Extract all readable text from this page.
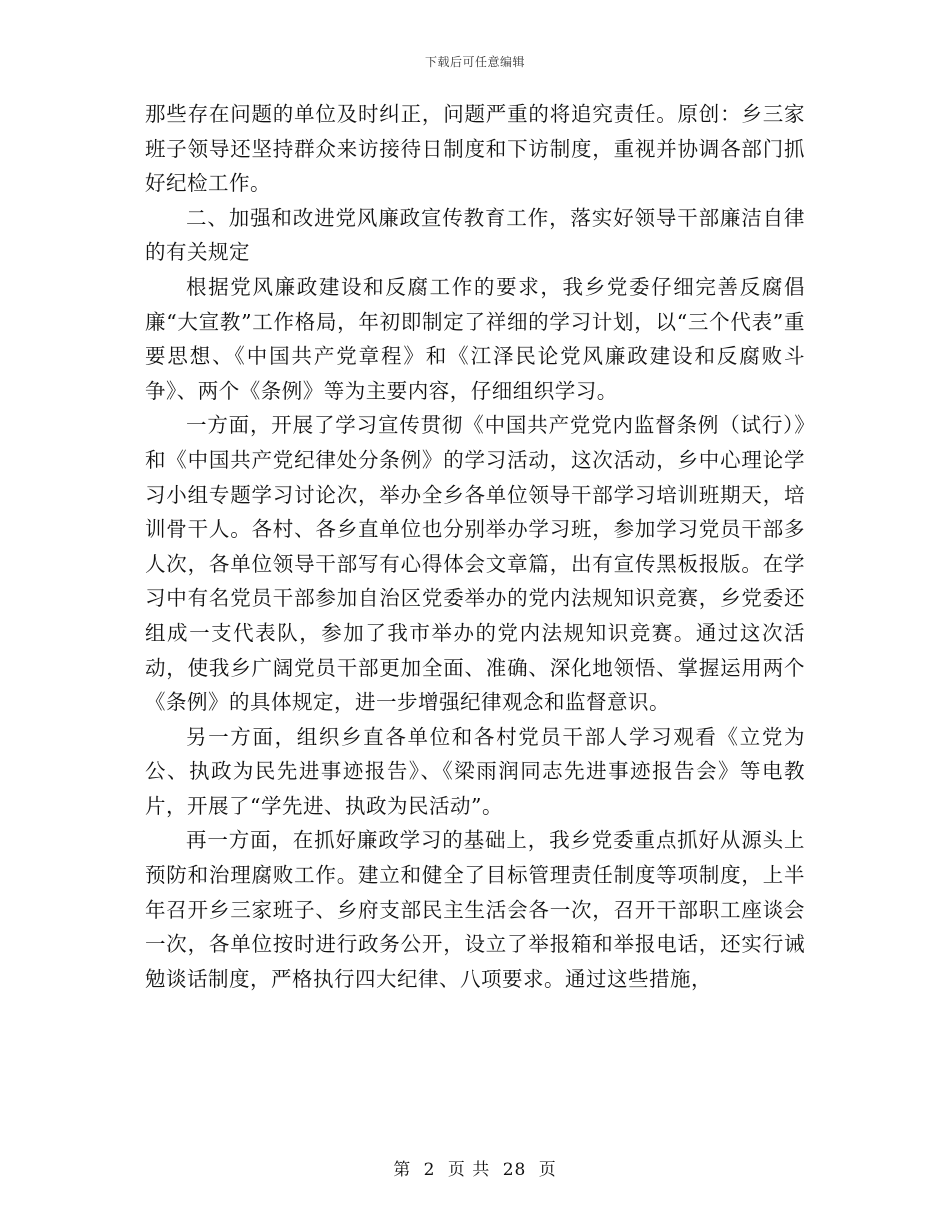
下载后可任意编辑

那些存在问题的单位及时纠正，问题严重的将追究责任。原创：乡三家班子领导还坚持群众来访接待日制度和下访制度，重视并协调各部门抓好纪检工作。

二、加强和改进党风廉政宣传教育工作，落实好领导干部廉洁自律的有关规定

根据党风廉政建设和反腐工作的要求，我乡党委仔细完善反腐倡廉“大宣教”工作格局，年初即制定了祥细的学习计划，以“三个代表”重要思想、《中国共产党章程》和《江泽民论党风廉政建设和反腐败斗争》、两个《条例》等为主要内容，仔细组织学习。

一方面，开展了学习宣传贯彻《中国共产党党内监督条例（试行）》和《中国共产党纪律处分条例》的学习活动，这次活动，乡中心理论学习小组专题学习讨论次，举办全乡各单位领导干部学习培训班期天，培训骨干人。各村、各乡直单位也分别举办学习班，参加学习党员干部多人次，各单位领导干部写有心得体会文章篇，出有宣传黑板报版。在学习中有名党员干部参加自治区党委举办的党内法规知识竞赛，乡党委还组成一支代表队，参加了我市举办的党内法规知识竞赛。通过这次活动，使我乡广阔党员干部更加全面、准确、深化地领悟、掌握运用两个《条例》的具体规定，进一步增强纪律观念和监督意识。

另一方面，组织乡直各单位和各村党员干部人学习观看《立党为公、执政为民先进事迹报告》、《梁雨润同志先进事迹报告会》等电教片，开展了“学先进、执政为民活动”。

再一方面，在抓好廉政学习的基础上，我乡党委重点抓好从源头上预防和治理腐败工作。建立和健全了目标管理责任制度等项制度，上半年召开乡三家班子、乡府支部民主生活会各一次，召开干部职工座谈会一次，各单位按时进行政务公开，设立了举报箱和举报电话，还实行诫勉谈话制度，严格执行四大纪律、八项要求。通过这些措施，

第 2 页 共 28 页
